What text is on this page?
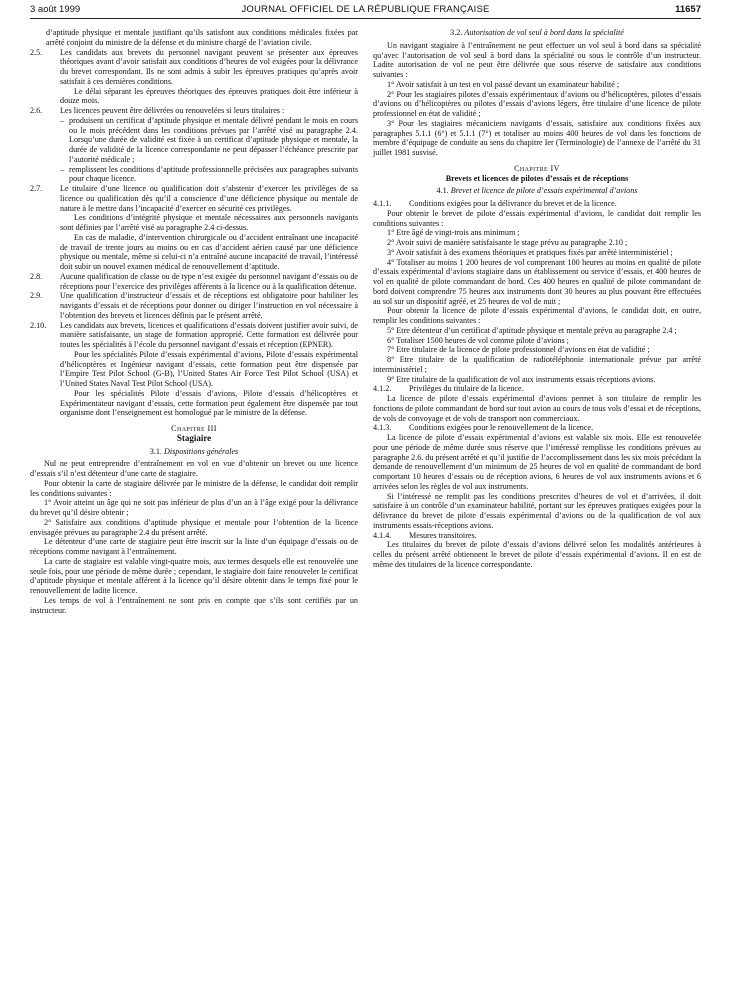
3 août 1999	JOURNAL OFFICIEL DE LA RÉPUBLIQUE FRANÇAISE	11657

d’aptitude physique et mentale justifiant qu’ils satisfont aux conditions médicales fixées par arrêté conjoint du ministre de la défense et du ministre chargé de l’aviation civile.

2.5. Les candidats aux brevets du personnel navigant peuvent se présenter aux épreuves théoriques avant d’avoir satisfait aux conditions d’heures de vol exigées pour la délivrance du brevet correspondant. Ils ne sont admis à subir les épreuves pratiques qu’après avoir satisfait à ces dernières conditions.

Le délai séparant les épreuves théoriques des épreuves pratiques doit être inférieur à douze mois.

2.6. Les licences peuvent être délivrées ou renouvelées si leurs titulaires :

– produisent un certificat d’aptitude physique et mentale délivré pendant le mois en cours ou le mois précédent dans les conditions prévues par l’arrêté visé au paragraphe 2.4. Lorsqu’une durée de validité est fixée à un certificat d’aptitude physique et mentale, la durée de validité de la licence correspondante ne peut dépasser l’échéance prescrite par l’autorité médicale ;
– remplissent les conditions d’aptitude professionnelle précisées aux paragraphes suivants pour chaque licence.
2.7. Le titulaire d’une licence ou qualification doit s’abstenir d’exercer les privilèges de sa licence ou qualification dès qu’il a conscience d’une déficience physique ou mentale de nature à le mettre dans l’incapacité d’exercer en sécurité ces privilèges.

Les conditions d’intégrité physique et mentale nécessaires aux personnels navigants sont définies par l’arrêté visé au paragraphe 2.4 ci-dessus.

En cas de maladie, d’intervention chirurgicale ou d’accident entraînant une incapacité de travail de trente jours au moins ou en cas d’accident aérien causé par une déficience physique ou mentale, même si celui-ci n’a entraîné aucune incapacité de travail, l’intéressé doit subir un nouvel examen médical de renouvellement d’aptitude.

2.8. Aucune qualification de classe ou de type n’est exigée du personnel navigant d’essais ou de réceptions pour l’exercice des privilèges afférents à la licence ou à la qualification détenue.

2.9. Une qualification d’instructeur d’essais et de réceptions est obligatoire pour habiliter les navigants d’essais et de réceptions pour donner ou diriger l’instruction en vol nécessaire à l’obtention des brevets et licences définis par le présent arrêté.

2.10. Les candidats aux brevets, licences et qualifications d’essais doivent justifier avoir suivi, de manière satisfaisante, un stage de formation approprié. Cette formation est délivrée pour toutes les spécialités à l’école du personnel navigant d’essais et réception (EPNER).

Pour les spécialités Pilote d’essais expérimental d’avions, Pilote d’essais expérimental d’hélicoptères et Ingénieur navigant d’essais, cette formation peut être dispensée par l’Empire Test Pilot School (G-B), l’United States Air Force Test Pilot School (USA) et l’United States Naval Test Pilot School (USA).

Pour les spécialités Pilote d’essais d’avions, Pilote d’essais d’hélicoptères et Expérimentateur navigant d’essais, cette formation peut également être dispensée par tout organisme dont l’enseignement est homologué par le ministre de la défense.

Chapitre III

Stagiaire

3.1. Dispositions générales

Nul ne peut entreprendre d’entraînement en vol en vue d’obtenir un brevet ou une licence d’essais s’il n’est détenteur d’une carte de stagiaire.

Pour obtenir la carte de stagiaire délivrée par le ministre de la défense, le candidat doit remplir les conditions suivantes :

1° Avoir atteint un âge qui ne soit pas inférieur de plus d’un an à l’âge exigé pour la délivrance du brevet qu’il désire obtenir ;

2° Satisfaire aux conditions d’aptitude physique et mentale pour l’obtention de la licence envisagée prévues au paragraphe 2.4 du présent arrêté.

Le détenteur d’une carte de stagiaire peut être inscrit sur la liste d’un équipage d’essais ou de réceptions comme navigant à l’entraînement.

La carte de stagiaire est valable vingt-quatre mois, aux termes desquels elle est renouvelée une seule fois, pour une période de même durée ; cependant, le stagiaire doit faire renouveler le certificat d’aptitude physique et mentale afférent à la licence qu’il désire obtenir dans le temps fixé pour le renouvellement de ladite licence.

Les temps de vol à l’entraînement ne sont pris en compte que s’ils sont certifiés par un instructeur.

3.2. Autorisation de vol seul à bord dans la spécialité

Un navigant stagiaire à l’entraînement ne peut effectuer un vol seul à bord dans sa spécialité qu’avec l’autorisation de vol seul à bord dans la spécialité ou sous le contrôle d’un instructeur. Ladite autorisation de vol ne peut être délivrée que sous réserve de satisfaire aux conditions suivantes :

1° Avoir satisfait à un test en vol passé devant un examinateur habilité ;

2° Pour les stagiaires pilotes d’essais expérimentaux d’avions ou d’hélicoptères, pilotes d’essais d’avions ou d’hélicoptères ou pilotes d’essais d’avions légers, être titulaire d’une licence de pilote professionnel en état de validité ;

3° Pour les stagiaires mécaniciens navigants d’essais, satisfaire aux conditions fixées aux paragraphes 5.1.1 (6°) et 5.1.1 (7°) et totaliser au moins 400 heures de vol dans les fonctions de membre d’équipage de conduite au sens du chapitre Ier (Terminologie) de l’annexe de l’arrêté du 31 juillet 1981 susvisé.

Chapitre IV

Brevets et licences de pilotes d’essais et de réceptions

4.1. Brevet et licence de pilote d’essais expérimental d’avions

4.1.1. Conditions exigées pour la délivrance du brevet et de la licence.

Pour obtenir le brevet de pilote d’essais expérimental d’avions, le candidat doit remplir les conditions suivantes :

1° Etre âgé de vingt-trois ans minimum ;

2° Avoir suivi de manière satisfaisante le stage prévu au paragraphe 2.10 ;

3° Avoir satisfait à des examens théoriques et pratiques fixés par arrêté interministériel ;

4° Totaliser au moins 1 200 heures de vol comprenant 100 heures au moins en qualité de pilote d’essais expérimental d’avions stagiaire dans un établissement ou service d’essais, et 400 heures de vol en qualité de pilote commandant de bord. Ces 400 heures en qualité de pilote commandant de bord doivent comprendre 75 heures aux instruments dont 30 heures au plus pouvant être effectuées au sol sur un dispositif agréé, et 25 heures de vol de nuit ;

Pour obtenir la licence de pilote d’essais expérimental d’avions, le candidat doit, en outre, remplir les conditions suivantes :

5° Etre détenteur d’un certificat d’aptitude physique et mentale prévu au paragraphe 2.4 ;

6° Totaliser 1500 heures de vol comme pilote d’avions ;

7° Etre titulaire de la licence de pilote professionnel d’avions en état de validité ;

8° Etre titulaire de la qualification de radiotéléphonie internationale prévue par arrêté interministériel ;

9° Etre titulaire de la qualification de vol aux instruments essais réceptions avions.

4.1.2. Privilèges du titulaire de la licence.

La licence de pilote d’essais expérimental d’avions permet à son titulaire de remplir les fonctions de pilote commandant de bord sur tout avion au cours de tous vols d’essai et de réceptions, de vols de convoyage et de vols de transport non commerciaux.

4.1.3. Conditions exigées pour le renouvellement de la licence.

La licence de pilote d’essais expérimental d’avions est valable six mois. Elle est renouvelée pour une période de même durée sous réserve que l’intéressé remplisse les conditions prévues au paragraphe 2.6. du présent arrêté et qu’il justifie de l’accomplissement dans les six mois précédant la demande de renouvellement d’un minimum de 25 heures de vol en qualité de commandant de bord comportant 10 heures d’essais ou de réception avions, 6 heures de vol aux instruments avions et 6 arrivées selon les règles de vol aux instruments.

Si l’intéressé ne remplit pas les conditions prescrites d’heures de vol et d’arrivées, il doit satisfaire à un contrôle d’un examinateur habilité, portant sur les épreuves pratiques exigées pour la délivrance du brevet de pilote d’essais expérimental d’avions ou de la qualification de vol aux instruments essais-réceptions avions.

4.1.4. Mesures transitoires.

Les titulaires du brevet de pilote d’essais d’avions délivré selon les modalités antérieures à celles du présent arrêté obtiennent le brevet de pilote d’essais expérimental d’avions. Il en est de même des titulaires de la licence correspondante.
